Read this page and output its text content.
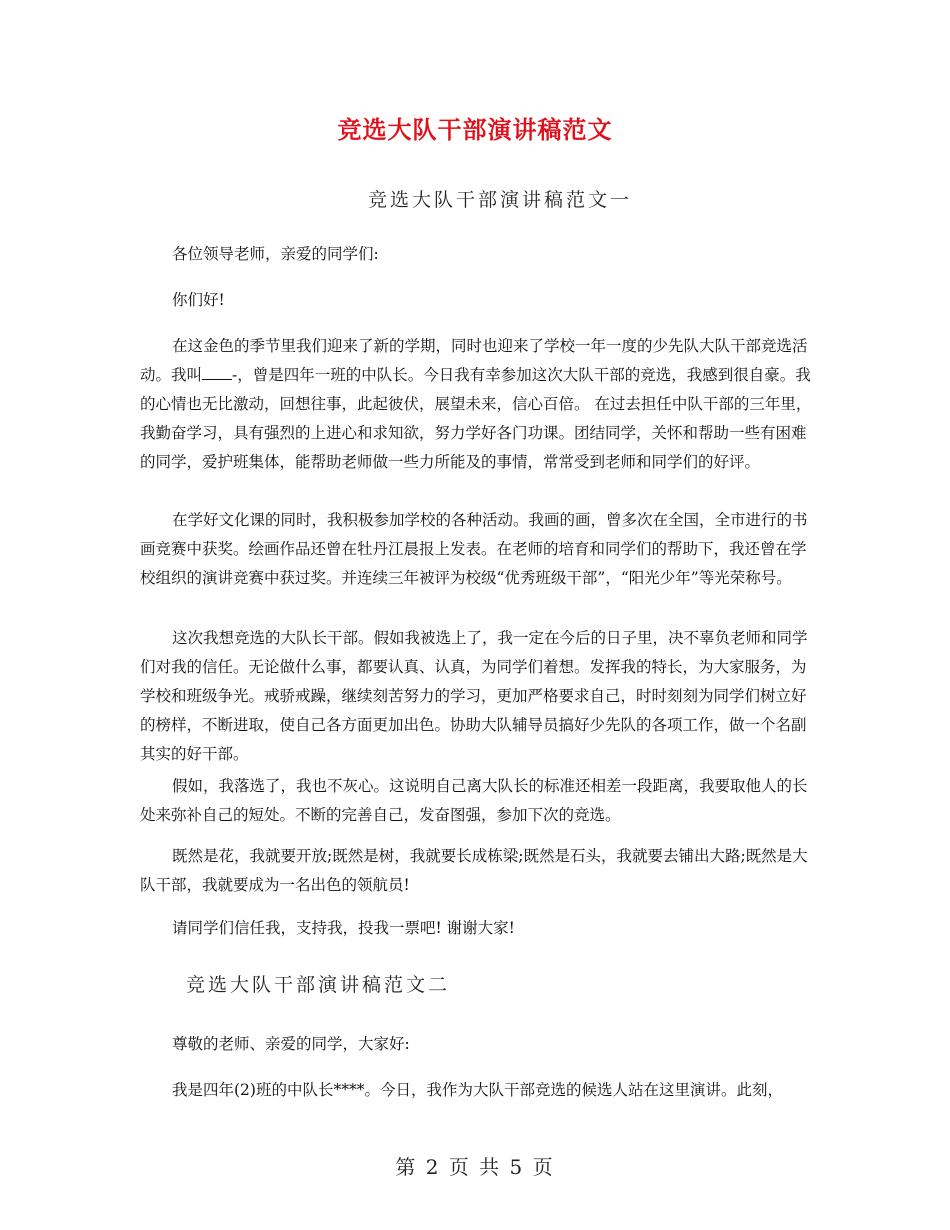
竞选大队干部演讲稿范文
竞选大队干部演讲稿范文一

各位领导老师，亲爱的同学们:

你们好!

在这金色的季节里我们迎来了新的学期，同时也迎来了学校一年一度的少先队大队干部竞选活动。我叫 -，曾是四年一班的中队长。今日我有幸参加这次大队干部的竞选，我感到很自豪。我的心情也无比激动，回想往事，此起彼伏，展望未来，信心百倍。 在过去担任中队干部的三年里，我勤奋学习，具有强烈的上进心和求知欲，努力学好各门功课。团结同学，关怀和帮助一些有困难的同学，爱护班集体，能帮助老师做一些力所能及的事情，常常受到老师和同学们的好评。

在学好文化课的同时，我积极参加学校的各种活动。我画的画，曾多次在全国，全市进行的书画竞赛中获奖。绘画作品还曾在牡丹江晨报上发表。在老师的培育和同学们的帮助下，我还曾在学校组织的演讲竞赛中获过奖。并连续三年被评为校级“优秀班级干部”，“阳光少年”等光荣称号。

这次我想竞选的大队长干部。假如我被选上了，我一定在今后的日子里，决不辜负老师和同学们对我的信任。无论做什么事，都要认真、认真，为同学们着想。发挥我的特长，为大家服务，为学校和班级争光。戒骄戒躁，继续刻苦努力的学习，更加严格要求自己，时时刻刻为同学们树立好的榜样，不断进取，使自己各方面更加出色。协助大队辅导员搞好少先队的各项工作，做一个名副其实的好干部。

假如，我落选了，我也不灰心。这说明自己离大队长的标准还相差一段距离，我要取他人的长处来弥补自己的短处。不断的完善自己，发奋图强，参加下次的竞选。

既然是花，我就要开放;既然是树，我就要长成栋梁;既然是石头，我就要去铺出大路;既然是大队干部，我就要成为一名出色的领航员!

请同学们信任我，支持我，投我一票吧! 谢谢大家!

竞选大队干部演讲稿范文二

尊敬的老师、亲爱的同学，大家好:

我是四年(2)班的中队长****。今日，我作为大队干部竞选的候选人站在这里演讲。此刻，

第 2 页 共 5 页
